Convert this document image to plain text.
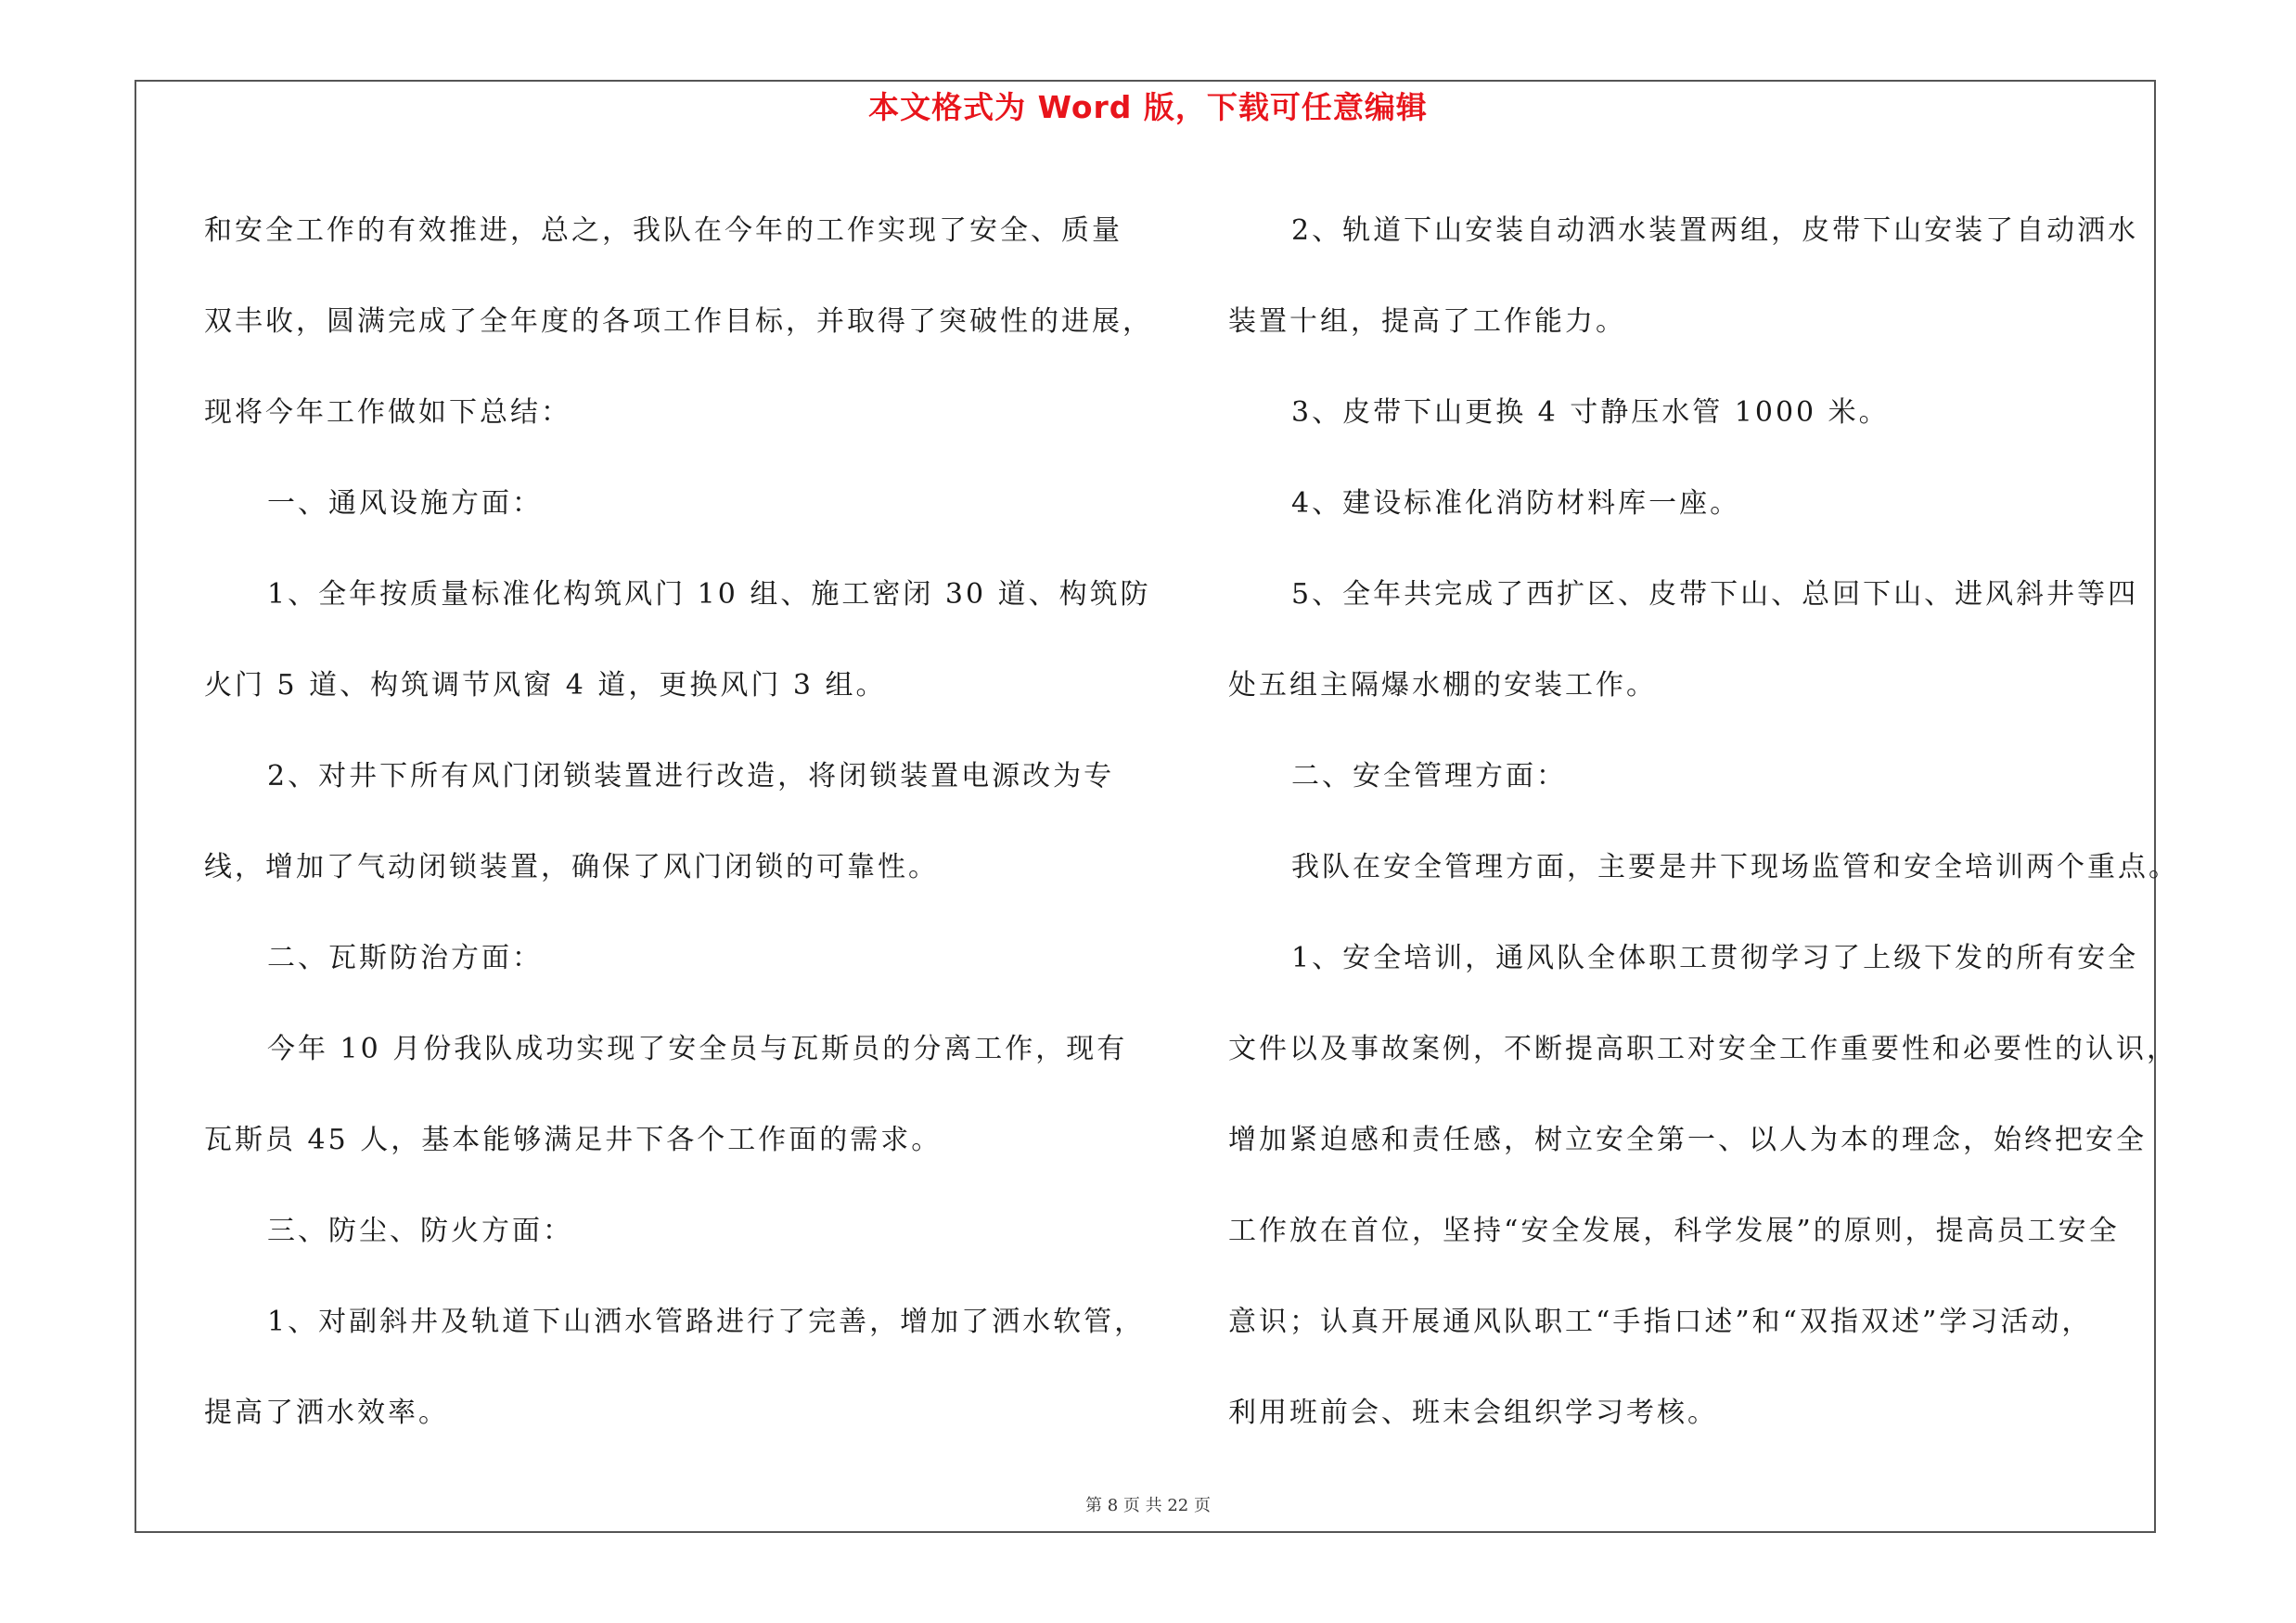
本文格式为 Word 版，下载可任意编辑

和安全工作的有效推进，总之，我队在今年的工作实现了安全、质量

双丰收，圆满完成了全年度的各项工作目标，并取得了突破性的进展，

现将今年工作做如下总结：

一、通风设施方面：

1、全年按质量标准化构筑风门 10 组、施工密闭 30 道、构筑防

火门 5 道、构筑调节风窗 4 道，更换风门 3 组。

2、对井下所有风门闭锁装置进行改造，将闭锁装置电源改为专

线，增加了气动闭锁装置，确保了风门闭锁的可靠性。

二、瓦斯防治方面：

今年 10 月份我队成功实现了安全员与瓦斯员的分离工作，现有

瓦斯员 45 人，基本能够满足井下各个工作面的需求。

三、防尘、防火方面：

1、对副斜井及轨道下山洒水管路进行了完善，增加了洒水软管，

提高了洒水效率。

2、轨道下山安装自动洒水装置两组，皮带下山安装了自动洒水

装置十组，提高了工作能力。

3、皮带下山更换 4 寸静压水管 1000 米。

4、建设标准化消防材料库一座。

5、全年共完成了西扩区、皮带下山、总回下山、进风斜井等四

处五组主隔爆水棚的安装工作。

二、安全管理方面：

我队在安全管理方面，主要是井下现场监管和安全培训两个重点。

1、安全培训，通风队全体职工贯彻学习了上级下发的所有安全

文件以及事故案例，不断提高职工对安全工作重要性和必要性的认识，

增加紧迫感和责任感，树立安全第一、以人为本的理念，始终把安全

工作放在首位，坚持“安全发展，科学发展”的原则，提高员工安全

意识；认真开展通风队职工“手指口述”和“双指双述”学习活动，

利用班前会、班末会组织学习考核。

第 8 页 共 22 页
